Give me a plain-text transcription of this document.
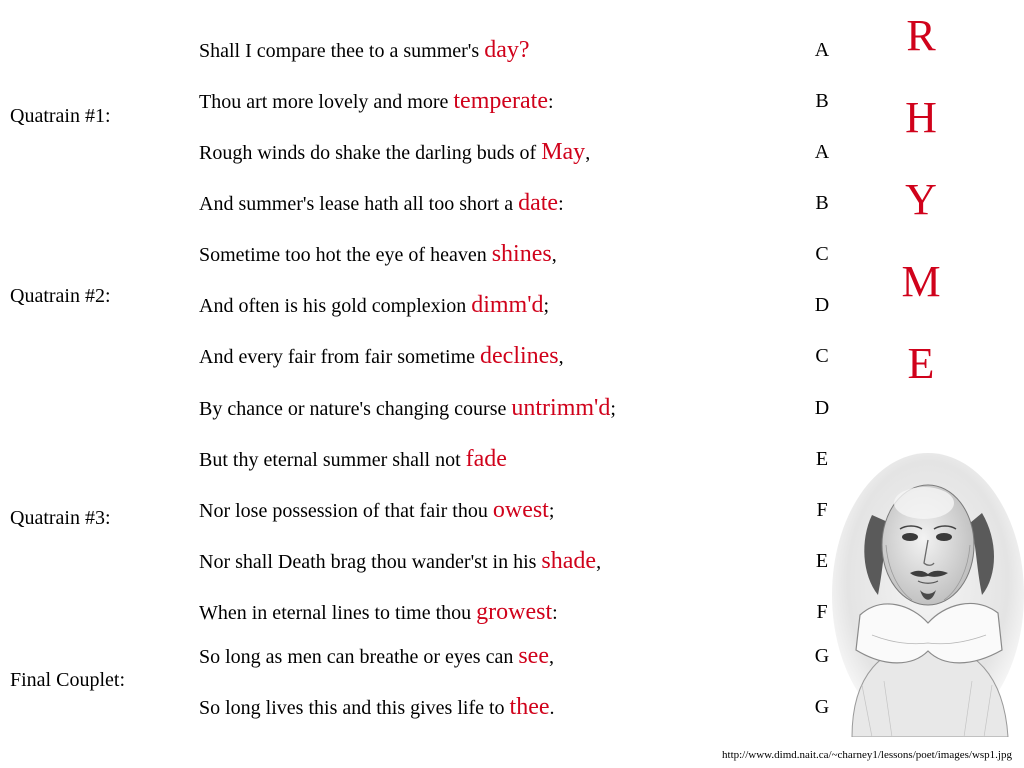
Quatrain #1:
Quatrain #2:
Quatrain #3:
Final Couplet:
Shall I compare thee to a summer's day?
Thou art more lovely and more temperate:
Rough winds do shake the darling buds of May,
And summer's lease hath all too short a date:
Sometime too hot the eye of heaven shines,
And often is his gold complexion dimm'd;
And every fair from fair sometime declines,
By chance or nature's changing course untrimm'd;
But thy eternal summer shall not fade
Nor lose possession of that fair thou owest;
Nor shall Death brag thou wander'st in his shade,
When in eternal lines to time thou growest:
So long as men can breathe or eyes can see,
So long lives this and this gives life to thee.
A
B
A
B
C
D
C
D
E
F
E
F
G
G
R
H
Y
M
E
http://www.dimd.nait.ca/~charney1/lessons/poet/images/wsp1.jpg
